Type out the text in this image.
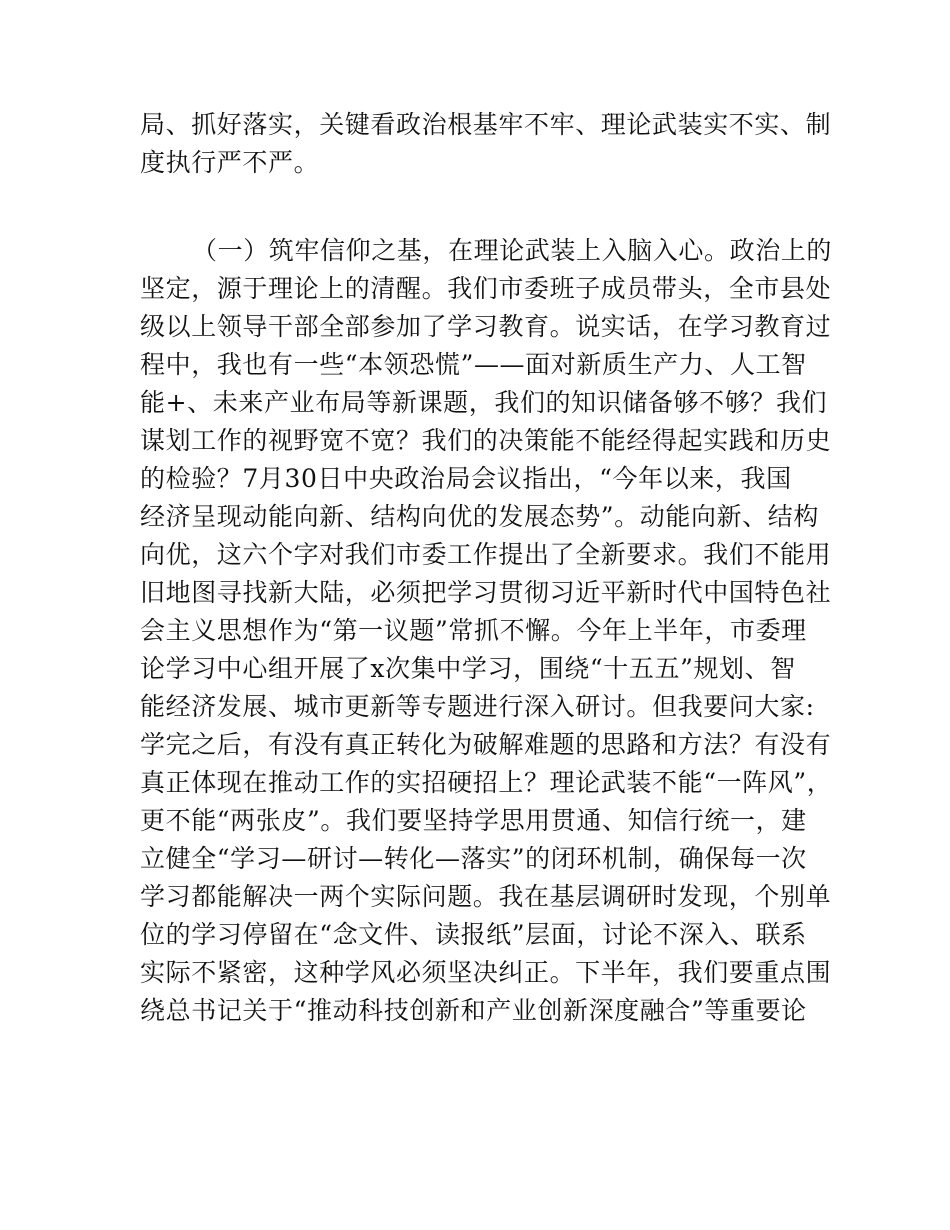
局、抓好落实，关键看政治根基牢不牢、理论武装实不实、制
度执行严不严。
（一）筑牢信仰之基，在理论武装上入脑入心。政治上的
坚定，源于理论上的清醒。我们市委班子成员带头，全市县处
级以上领导干部全部参加了学习教育。说实话，在学习教育过
程中，我也有一些“本领恐慌”——面对新质生产力、人工智
能+、未来产业布局等新课题，我们的知识储备够不够？我们
谋划工作的视野宽不宽？我们的决策能不能经得起实践和历史
的检验？7月30日中央政治局会议指出，“今年以来，我国
经济呈现动能向新、结构向优的发展态势”。动能向新、结构
向优，这六个字对我们市委工作提出了全新要求。我们不能用
旧地图寻找新大陆，必须把学习贯彻习近平新时代中国特色社
会主义思想作为“第一议题”常抓不懈。今年上半年，市委理
论学习中心组开展了x次集中学习，围绕“十五五”规划、智
能经济发展、城市更新等专题进行深入研讨。但我要问大家:
学完之后，有没有真正转化为破解难题的思路和方法？有没有
真正体现在推动工作的实招硬招上？理论武装不能“一阵风”，
更不能“两张皮”。我们要坚持学思用贯通、知信行统一，建
立健全“学习—研讨—转化—落实”的闭环机制，确保每一次
学习都能解决一两个实际问题。我在基层调研时发现，个别单
位的学习停留在“念文件、读报纸”层面，讨论不深入、联系
实际不紧密，这种学风必须坚决纠正。下半年，我们要重点围
绕总书记关于“推动科技创新和产业创新深度融合”等重要论
